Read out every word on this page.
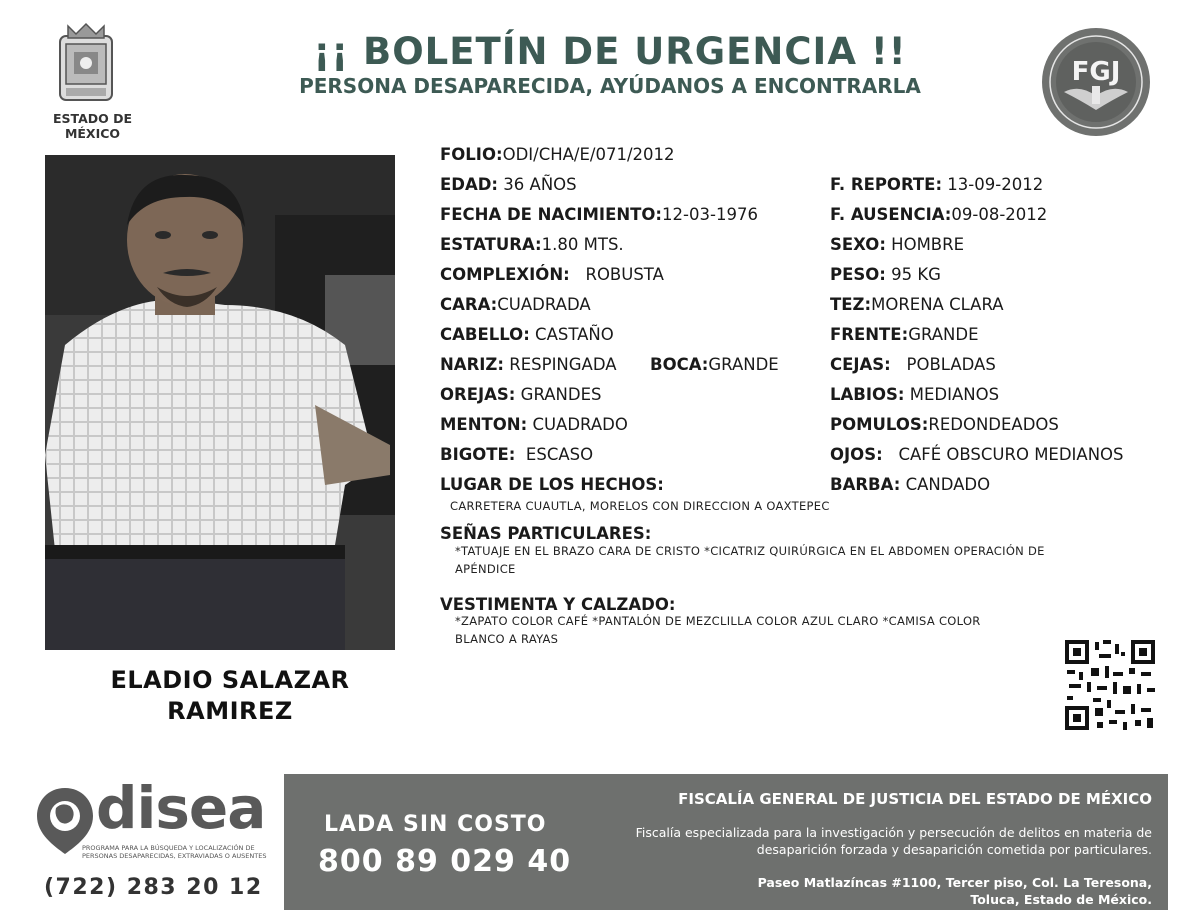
ESTADO DE MÉXICO
¡¡ BOLETÍN DE URGENCIA !!
PERSONA DESAPARECIDA, AYÚDANOS A ENCONTRARLA	FGJ
ELADIO SALAZAR
RAMIREZ
FOLIO:ODI/CHA/E/071/2012
EDAD: 36 AÑOS
FECHA DE NACIMIENTO:12-03-1976
ESTATURA:1.80 MTS.
COMPLEXIÓN: ROBUSTA
CARA:CUADRADA
CABELLO: CASTAÑO
NARIZ: RESPINGADA BOCA:GRANDE
OREJAS: GRANDES
MENTON: CUADRADO
BIGOTE: ESCASO
LUGAR DE LOS HECHOS:
CARRETERA CUAUTLA, MORELOS CON DIRECCION A OAXTEPEC
F. REPORTE: 13-09-2012
F. AUSENCIA:09-08-2012
SEXO: HOMBRE
PESO: 95 KG
TEZ:MORENA CLARA
FRENTE:GRANDE
CEJAS: POBLADAS
LABIOS: MEDIANOS
POMULOS:REDONDEADOS
OJOS: CAFÉ OBSCURO MEDIANOS
BARBA: CANDADO
SEÑAS PARTICULARES:
*TATUAJE EN EL BRAZO CARA DE CRISTO *CICATRIZ QUIRÚRGICA EN EL ABDOMEN OPERACIÓN DE
APÉNDICE
VESTIMENTA Y CALZADO:
*ZAPATO COLOR CAFÉ *PANTALÓN DE MEZCLILLA COLOR AZUL CLARO *CAMISA COLOR
BLANCO A RAYAS
disea
PROGRAMA PARA LA BÚSQUEDA Y LOCALIZACIÓN DE PERSONAS DESAPARECIDAS, EXTRAVIADAS O AUSENTES
(722) 283 20 12
LADA SIN COSTO
800 89 029 40
FISCALÍA GENERAL DE JUSTICIA DEL ESTADO DE MÉXICO
Fiscalía especializada para la investigación y persecución de delitos en materia de desaparición forzada y desaparición cometida por particulares.
Paseo Matlazíncas #1100, Tercer piso, Col. La Teresona,
Toluca, Estado de México.
